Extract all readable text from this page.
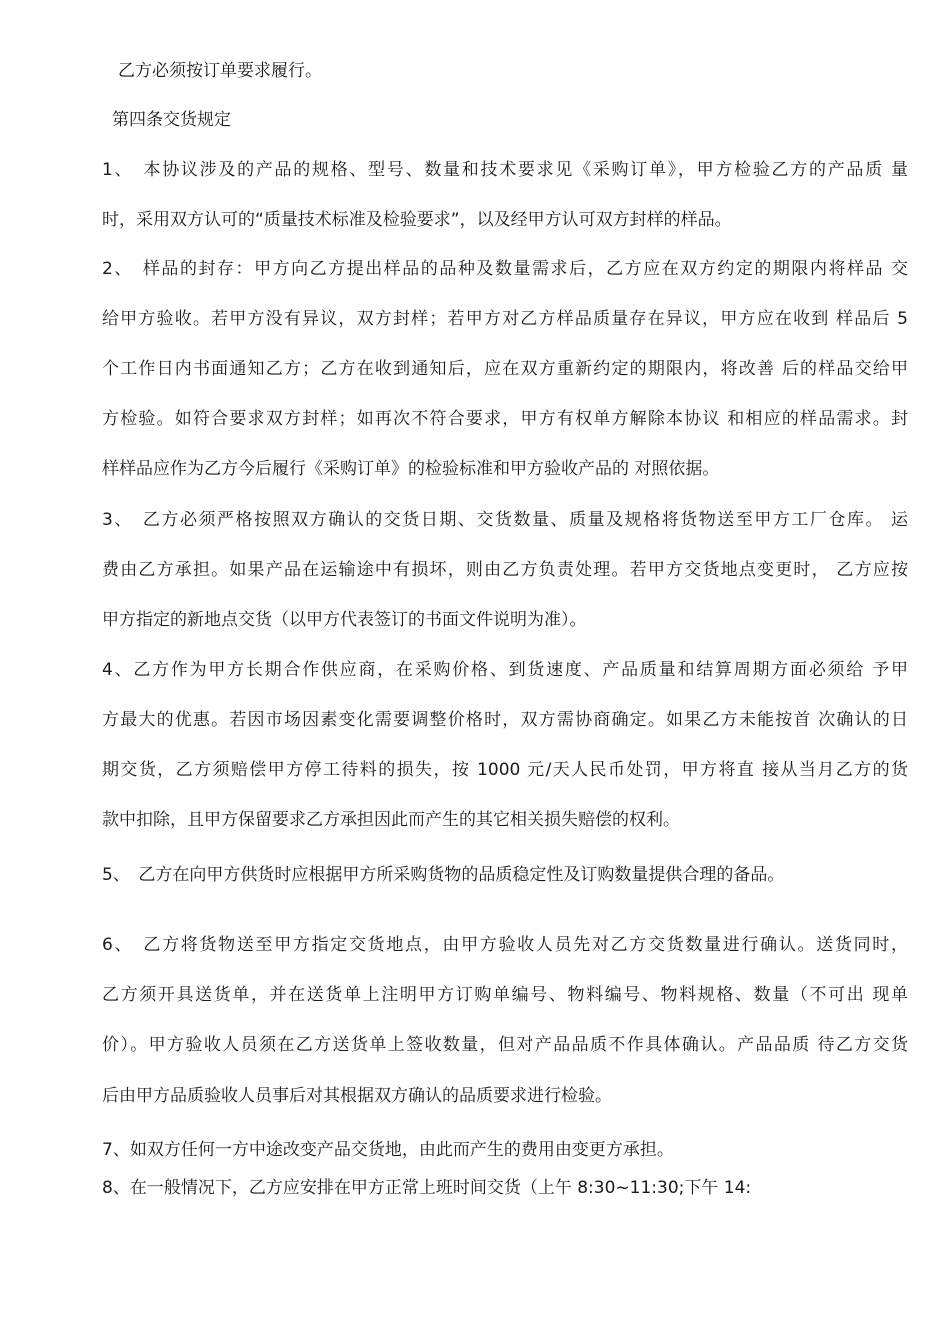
乙方必须按订单要求履行。
第四条交货规定
1、　本协议涉及的产品的规格、型号、数量和技术要求见《采购订单》，甲方检验乙方的产品质 量
时，采用双方认可的“质量技术标准及检验要求”，以及经甲方认可双方封样的样品。
2、　样品的封存：甲方向乙方提出样品的品种及数量需求后，乙方应在双方约定的期限内将样品 交
给甲方验收。若甲方没有异议，双方封样；若甲方对乙方样品质量存在异议，甲方应在收到 样品后 5
个工作日内书面通知乙方；乙方在收到通知后，应在双方重新约定的期限内，将改善 后的样品交给甲
方检验。如符合要求双方封样；如再次不符合要求，甲方有权单方解除本协议 和相应的样品需求。封
样样品应作为乙方今后履行《采购订单》的检验标准和甲方验收产品的 对照依据。
3、　乙方必须严格按照双方确认的交货日期、交货数量、质量及规格将货物送至甲方工厂仓库。 运
费由乙方承担。如果产品在运输途中有损坏，则由乙方负责处理。若甲方交货地点变更时， 乙方应按
甲方指定的新地点交货（以甲方代表签订的书面文件说明为准）。
4、乙方作为甲方长期合作供应商，在采购价格、到货速度、产品质量和结算周期方面必须给 予甲
方最大的优惠。若因市场因素变化需要调整价格时，双方需协商确定。如果乙方未能按首 次确认的日
期交货，乙方须赔偿甲方停工待料的损失，按 1000 元/天人民币处罚，甲方将直 接从当月乙方的货
款中扣除，且甲方保留要求乙方承担因此而产生的其它相关损失赔偿的权利。
5、　乙方在向甲方供货时应根据甲方所采购货物的品质稳定性及订购数量提供合理的备品。
6、　乙方将货物送至甲方指定交货地点，由甲方验收人员先对乙方交货数量进行确认。送货同时，
乙方须开具送货单，并在送货单上注明甲方订购单编号、物料编号、物料规格、数量（不可出 现单
价）。甲方验收人员须在乙方送货单上签收数量，但对产品品质不作具体确认。产品品质 待乙方交货
后由甲方品质验收人员事后对其根据双方确认的品质要求进行检验。
7、如双方任何一方中途改变产品交货地，由此而产生的费用由变更方承担。
8、在一般情况下，乙方应安排在甲方正常上班时间交货（上午 8:30~11:30;下午 14:
